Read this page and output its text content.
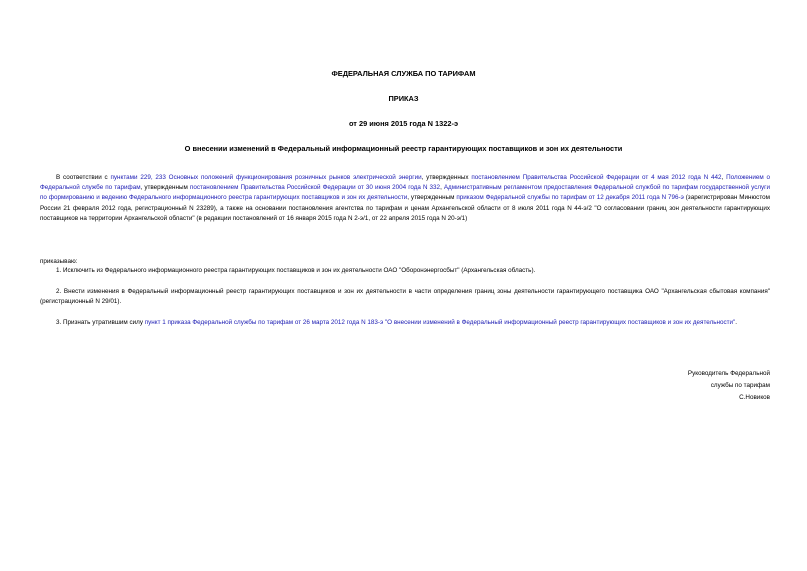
ФЕДЕРАЛЬНАЯ СЛУЖБА ПО ТАРИФАМ
ПРИКАЗ
от 29 июня 2015 года N 1322-э
О внесении изменений в Федеральный информационный реестр гарантирующих поставщиков и зон их деятельности
В соответствии с пунктами 229, 233 Основных положений функционирования розничных рынков электрической энергии, утвержденных постановлением Правительства Российской Федерации от 4 мая 2012 года N 442, Положением о Федеральной службе по тарифам, утвержденным постановлением Правительства Российской Федерации от 30 июня 2004 года N 332, Административным регламентом предоставления Федеральной службой по тарифам государственной услуги по формированию и ведению Федерального информационного реестра гарантирующих поставщиков и зон их деятельности, утвержденным приказом Федеральной службы по тарифам от 12 декабря 2011 года N 796-э (зарегистрирован Минюстом России 21 февраля 2012 года, регистрационный N 23289), а также на основании постановления агентства по тарифам и ценам Архангельской области от 8 июля 2011 года N 44-э/2 "О согласовании границ зон деятельности гарантирующих поставщиков на территории Архангельской области" (в редакции постановлений от 16 января 2015 года N 2-э/1, от 22 апреля 2015 года N 20-э/1)
приказываю:
1. Исключить из Федерального информационного реестра гарантирующих поставщиков и зон их деятельности ОАО "Оборонэнергосбыт" (Архангельская область).
2. Внести изменения в Федеральный информационный реестр гарантирующих поставщиков и зон их деятельности в части определения границ зоны деятельности гарантирующего поставщика ОАО "Архангельская сбытовая компания" (регистрационный N 29/01).
3. Признать утратившим силу пункт 1 приказа Федеральной службы по тарифам от 26 марта 2012 года N 183-э "О внесении изменений в Федеральный информационный реестр гарантирующих поставщиков и зон их деятельности".
Руководитель Федеральной
службы по тарифам
С.Новиков
